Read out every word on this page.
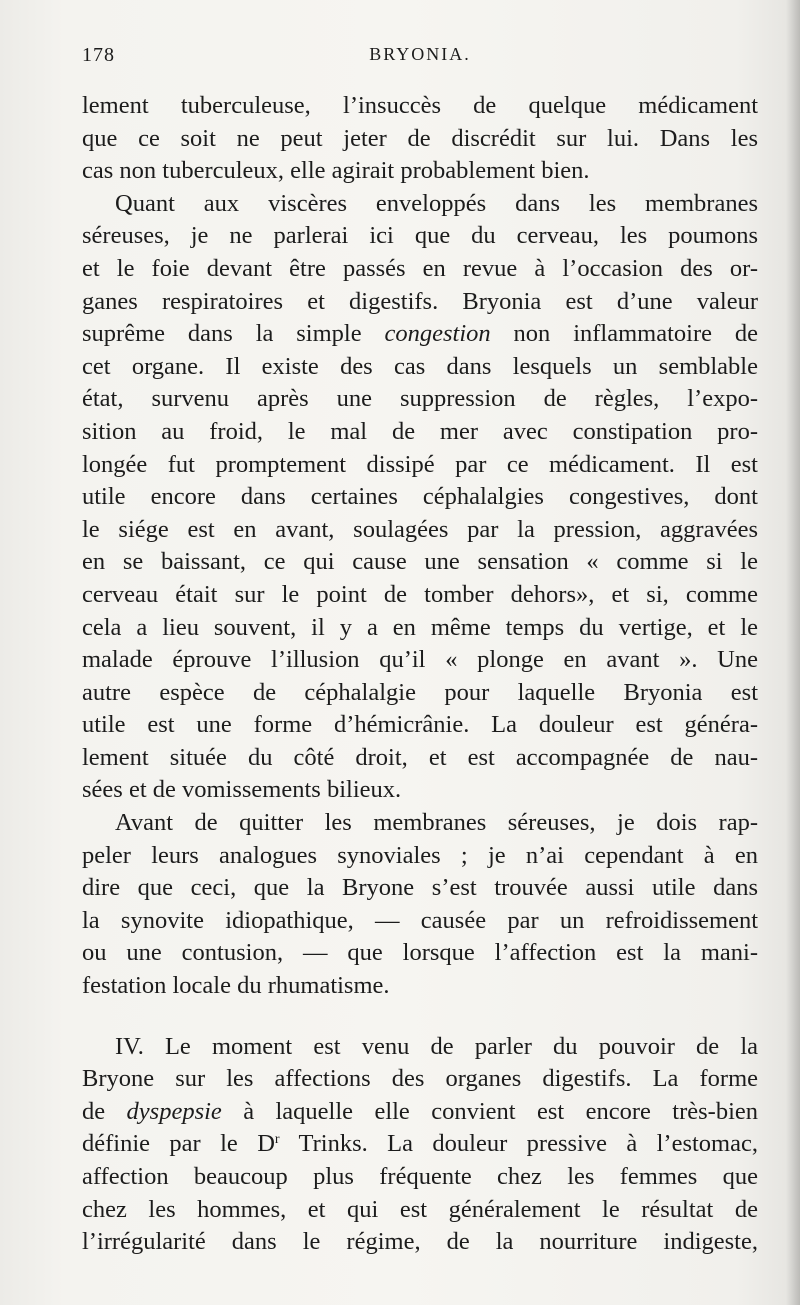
178	BRYONIA.
lement tuberculeuse, l’insuccès de quelque médicament
que ce soit ne peut jeter de discrédit sur lui. Dans les
cas non tuberculeux, elle agirait probablement bien.
Quant aux viscères enveloppés dans les membranes
séreuses, je ne parlerai ici que du cerveau, les poumons
et le foie devant être passés en revue à l’occasion des or-
ganes respiratoires et digestifs. Bryonia est d’une valeur
suprême dans la simple congestion non inflammatoire de
cet organe. Il existe des cas dans lesquels un semblable
état, survenu après une suppression de règles, l’expo-
sition au froid, le mal de mer avec constipation pro-
longée fut promptement dissipé par ce médicament. Il est
utile encore dans certaines céphalalgies congestives, dont
le siége est en avant, soulagées par la pression, aggravées
en se baissant, ce qui cause une sensation « comme si le
cerveau était sur le point de tomber dehors», et si, comme
cela a lieu souvent, il y a en même temps du vertige, et le
malade éprouve l’illusion qu’il « plonge en avant ». Une
autre espèce de céphalalgie pour laquelle Bryonia est
utile est une forme d’hémicrânie. La douleur est généra-
lement située du côté droit, et est accompagnée de nau-
sées et de vomissements bilieux.
Avant de quitter les membranes séreuses, je dois rap-
peler leurs analogues synoviales ; je n’ai cependant à en
dire que ceci, que la Bryone s’est trouvée aussi utile dans
la synovite idiopathique, — causée par un refroidissement
ou une contusion, — que lorsque l’affection est la mani-
festation locale du rhumatisme.
IV. Le moment est venu de parler du pouvoir de la
Bryone sur les affections des organes digestifs. La forme
de dyspepsie à laquelle elle convient est encore très-bien
définie par le $D^r$ Trinks. La douleur pressive à l’estomac,
affection beaucoup plus fréquente chez les femmes que
chez les hommes, et qui est généralement le résultat de
l’irrégularité dans le régime, de la nourriture indigeste,
